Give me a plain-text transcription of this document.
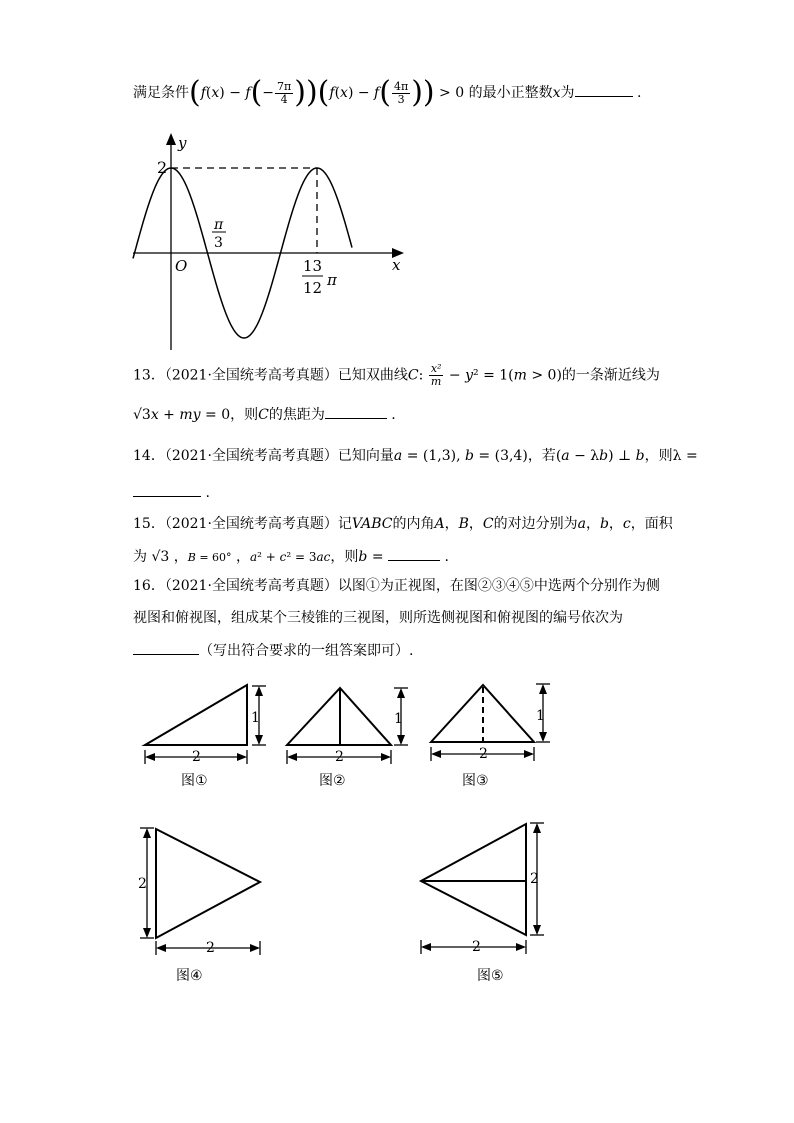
满足条件$(f(x) - f(- \frac{7\pi}{4} ))(f(x) - f( \frac{4\pi}{3}$ )) > 0 的最小正整数x为	.
y
x
O
2
π
3
13
12 π
13．（2021·全国统考高考真题）已知双曲线C: $\frac{\text{x²}}{m} - y^2 = 1(m > 0)$的一条渐近线为
√3x + my = 0，则C的焦距为	.
14．（2021·全国统考高考真题）已知向量a = (1,3), b = (3,4)，若(a − λb) ⊥ b，则λ =
.
15．（2021·全国统考高考真题）记VABC的内角A，B，C的对边分别为a，b，c，面积
为 √3 ，B = 60° ，a² + c² = 3ac，则b =	.
16．（2021·全国统考高考真题）以图①为正视图，在图②③④⑤中选两个分别作为侧
视图和俯视图，组成某个三棱锥的三视图，则所选侧视图和俯视图的编号依次为
（写出符合要求的一组答案即可）.
1
2
图①
1
2
图②
1
2
图③
2
2
图④
2
2
图⑤
